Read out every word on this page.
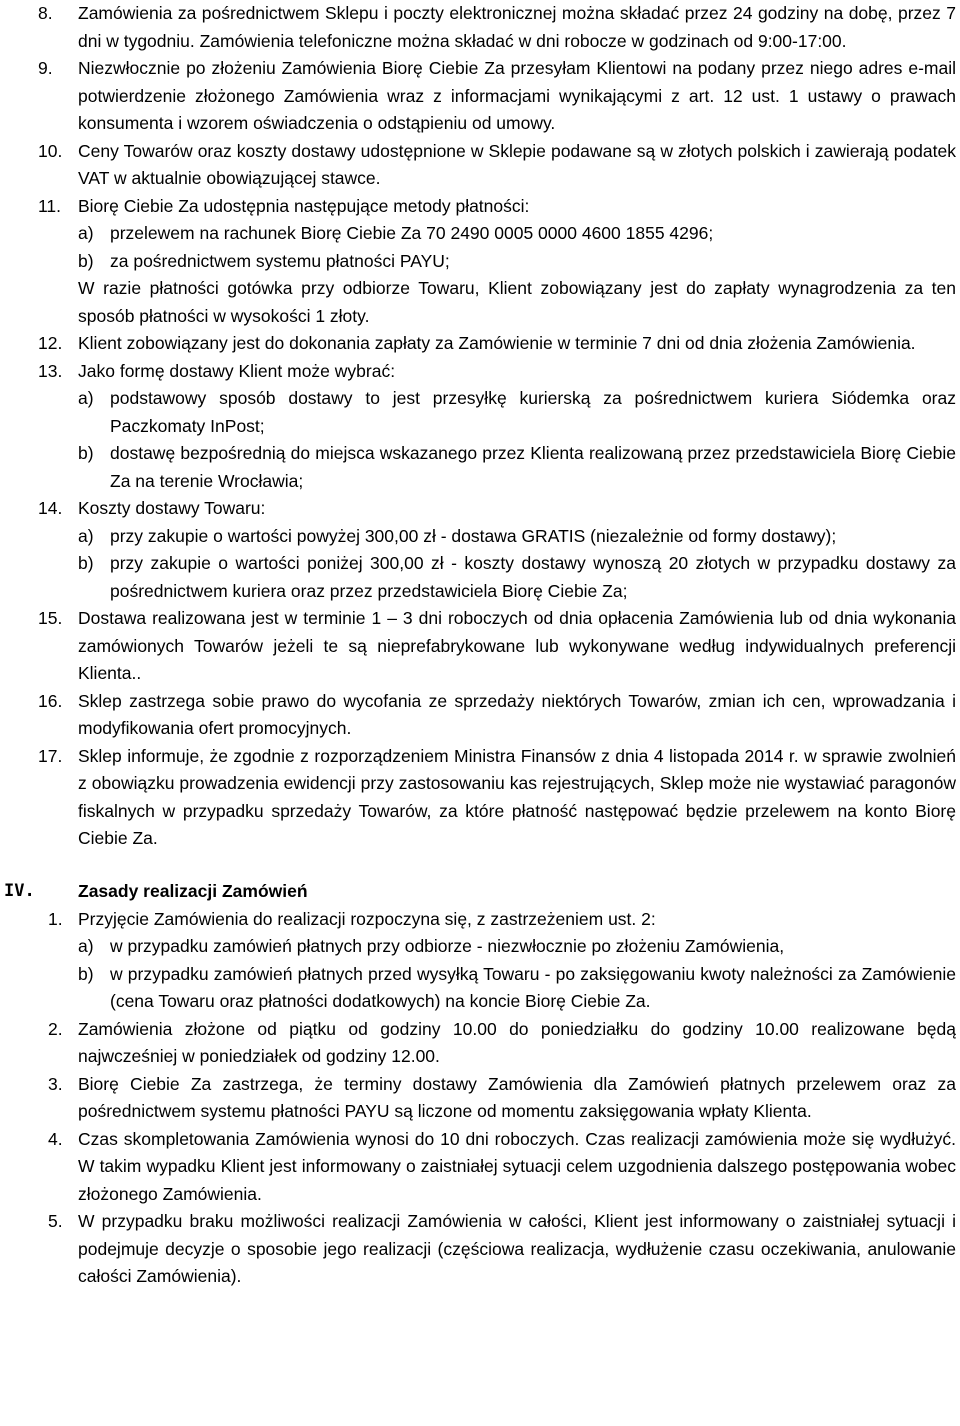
8. Zamówienia za pośrednictwem Sklepu i poczty elektronicznej można składać przez 24 godziny na dobę, przez 7 dni w tygodniu. Zamówienia telefoniczne można składać w dni robocze w godzinach od 9:00-17:00.
9. Niezwłocznie po złożeniu Zamówienia Biorę Ciebie Za przesyłam Klientowi na podany przez niego adres e-mail potwierdzenie złożonego Zamówienia wraz z informacjami wynikającymi z art. 12 ust. 1 ustawy o prawach konsumenta i wzorem oświadczenia o odstąpieniu od umowy.
10. Ceny Towarów oraz koszty dostawy udostępnione w Sklepie podawane są w złotych polskich i zawierają podatek VAT w aktualnie obowiązującej stawce.
11. Biorę Ciebie Za udostępnia następujące metody płatności:
a) przelewem na rachunek Biorę Ciebie Za 70 2490 0005 0000 4600 1855 4296;
b) za pośrednictwem systemu płatności PAYU;
W razie płatności gotówka przy odbiorze Towaru, Klient zobowiązany jest do zapłaty wynagrodzenia za ten sposób płatności w wysokości 1 złoty.
12. Klient zobowiązany jest do dokonania zapłaty za Zamówienie w terminie 7 dni od dnia złożenia Zamówienia.
13. Jako formę dostawy Klient może wybrać:
a) podstawowy sposób dostawy to jest przesyłkę kurierską za pośrednictwem kuriera Siódemka oraz Paczkomaty InPost;
b) dostawę bezpośrednią do miejsca wskazanego przez Klienta realizowaną przez przedstawiciela Biorę Ciebie Za na terenie Wrocławia;
14. Koszty dostawy Towaru:
a) przy zakupie o wartości powyżej 300,00 zł - dostawa GRATIS (niezależnie od formy dostawy);
b) przy zakupie o wartości poniżej 300,00 zł - koszty dostawy wynoszą 20 złotych w przypadku dostawy za pośrednictwem kuriera oraz przez przedstawiciela Biorę Ciebie Za;
15. Dostawa realizowana jest w terminie 1 – 3 dni roboczych od dnia opłacenia Zamówienia lub od dnia wykonania zamówionych Towarów jeżeli te są nieprefabrykowane lub wykonywane według indywidualnych preferencji Klienta..
16. Sklep zastrzega sobie prawo do wycofania ze sprzedaży niektórych Towarów, zmian ich cen, wprowadzania i modyfikowania ofert promocyjnych.
17. Sklep informuje, że zgodnie z rozporządzeniem Ministra Finansów z dnia 4 listopada 2014 r. w sprawie zwolnień z obowiązku prowadzenia ewidencji przy zastosowaniu kas rejestrujących, Sklep może nie wystawiać paragonów fiskalnych w przypadku sprzedaży Towarów, za które płatność następować będzie przelewem na konto Biorę Ciebie Za.
IV. Zasady realizacji Zamówień
1. Przyjęcie Zamówienia do realizacji rozpoczyna się, z zastrzeżeniem ust. 2:
a) w przypadku zamówień płatnych przy odbiorze - niezwłocznie po złożeniu Zamówienia,
b) w przypadku zamówień płatnych przed wysyłką Towaru - po zaksięgowaniu kwoty należności za Zamówienie (cena Towaru oraz płatności dodatkowych) na koncie Biorę Ciebie Za.
2. Zamówienia złożone od piątku od godziny 10.00 do poniedziałku do godziny 10.00 realizowane będą najwcześniej w poniedziałek od godziny 12.00.
3. Biorę Ciebie Za zastrzega, że terminy dostawy Zamówienia dla Zamówień płatnych przelewem oraz za pośrednictwem systemu płatności PAYU są liczone od momentu zaksięgowania wpłaty Klienta.
4. Czas skompletowania Zamówienia wynosi do 10 dni roboczych. Czas realizacji zamówienia może się wydłużyć. W takim wypadku Klient jest informowany o zaistniałej sytuacji celem uzgodnienia dalszego postępowania wobec złożonego Zamówienia.
5. W przypadku braku możliwości realizacji Zamówienia w całości, Klient jest informowany o zaistniałej sytuacji i podejmuje decyzje o sposobie jego realizacji (częściowa realizacja, wydłużenie czasu oczekiwania, anulowanie całości Zamówienia).
